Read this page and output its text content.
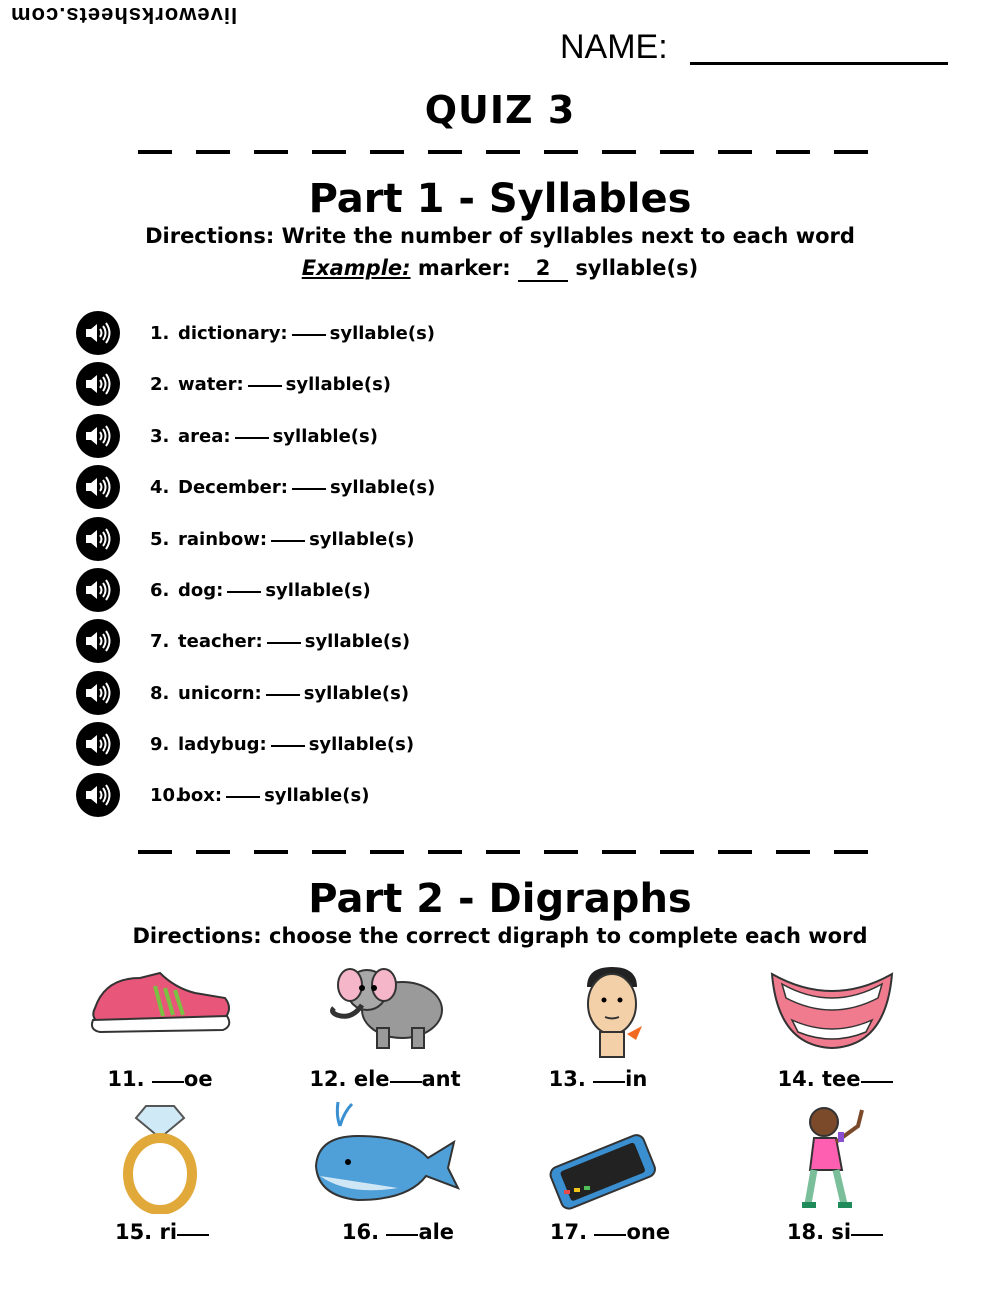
liveworksheets.com
NAME:
QUIZ 3
Part 1 - Syllables
Directions: Write the number of syllables next to each word
Example: marker: 2 syllable(s)
1. dictionary: syllable(s)
2. water: syllable(s)
3. area: syllable(s)
4. December: syllable(s)
5. rainbow: syllable(s)
6. dog: syllable(s)
7. teacher: syllable(s)
8. unicorn: syllable(s)
9. ladybug: syllable(s)
10.
box: syllable(s)
Part 2 - Digraphs
Directions: choose the correct digraph to complete each word
11. oe	12. ele ant	13. in	14. tee
15. ri	16. ale	17. one	18. si
